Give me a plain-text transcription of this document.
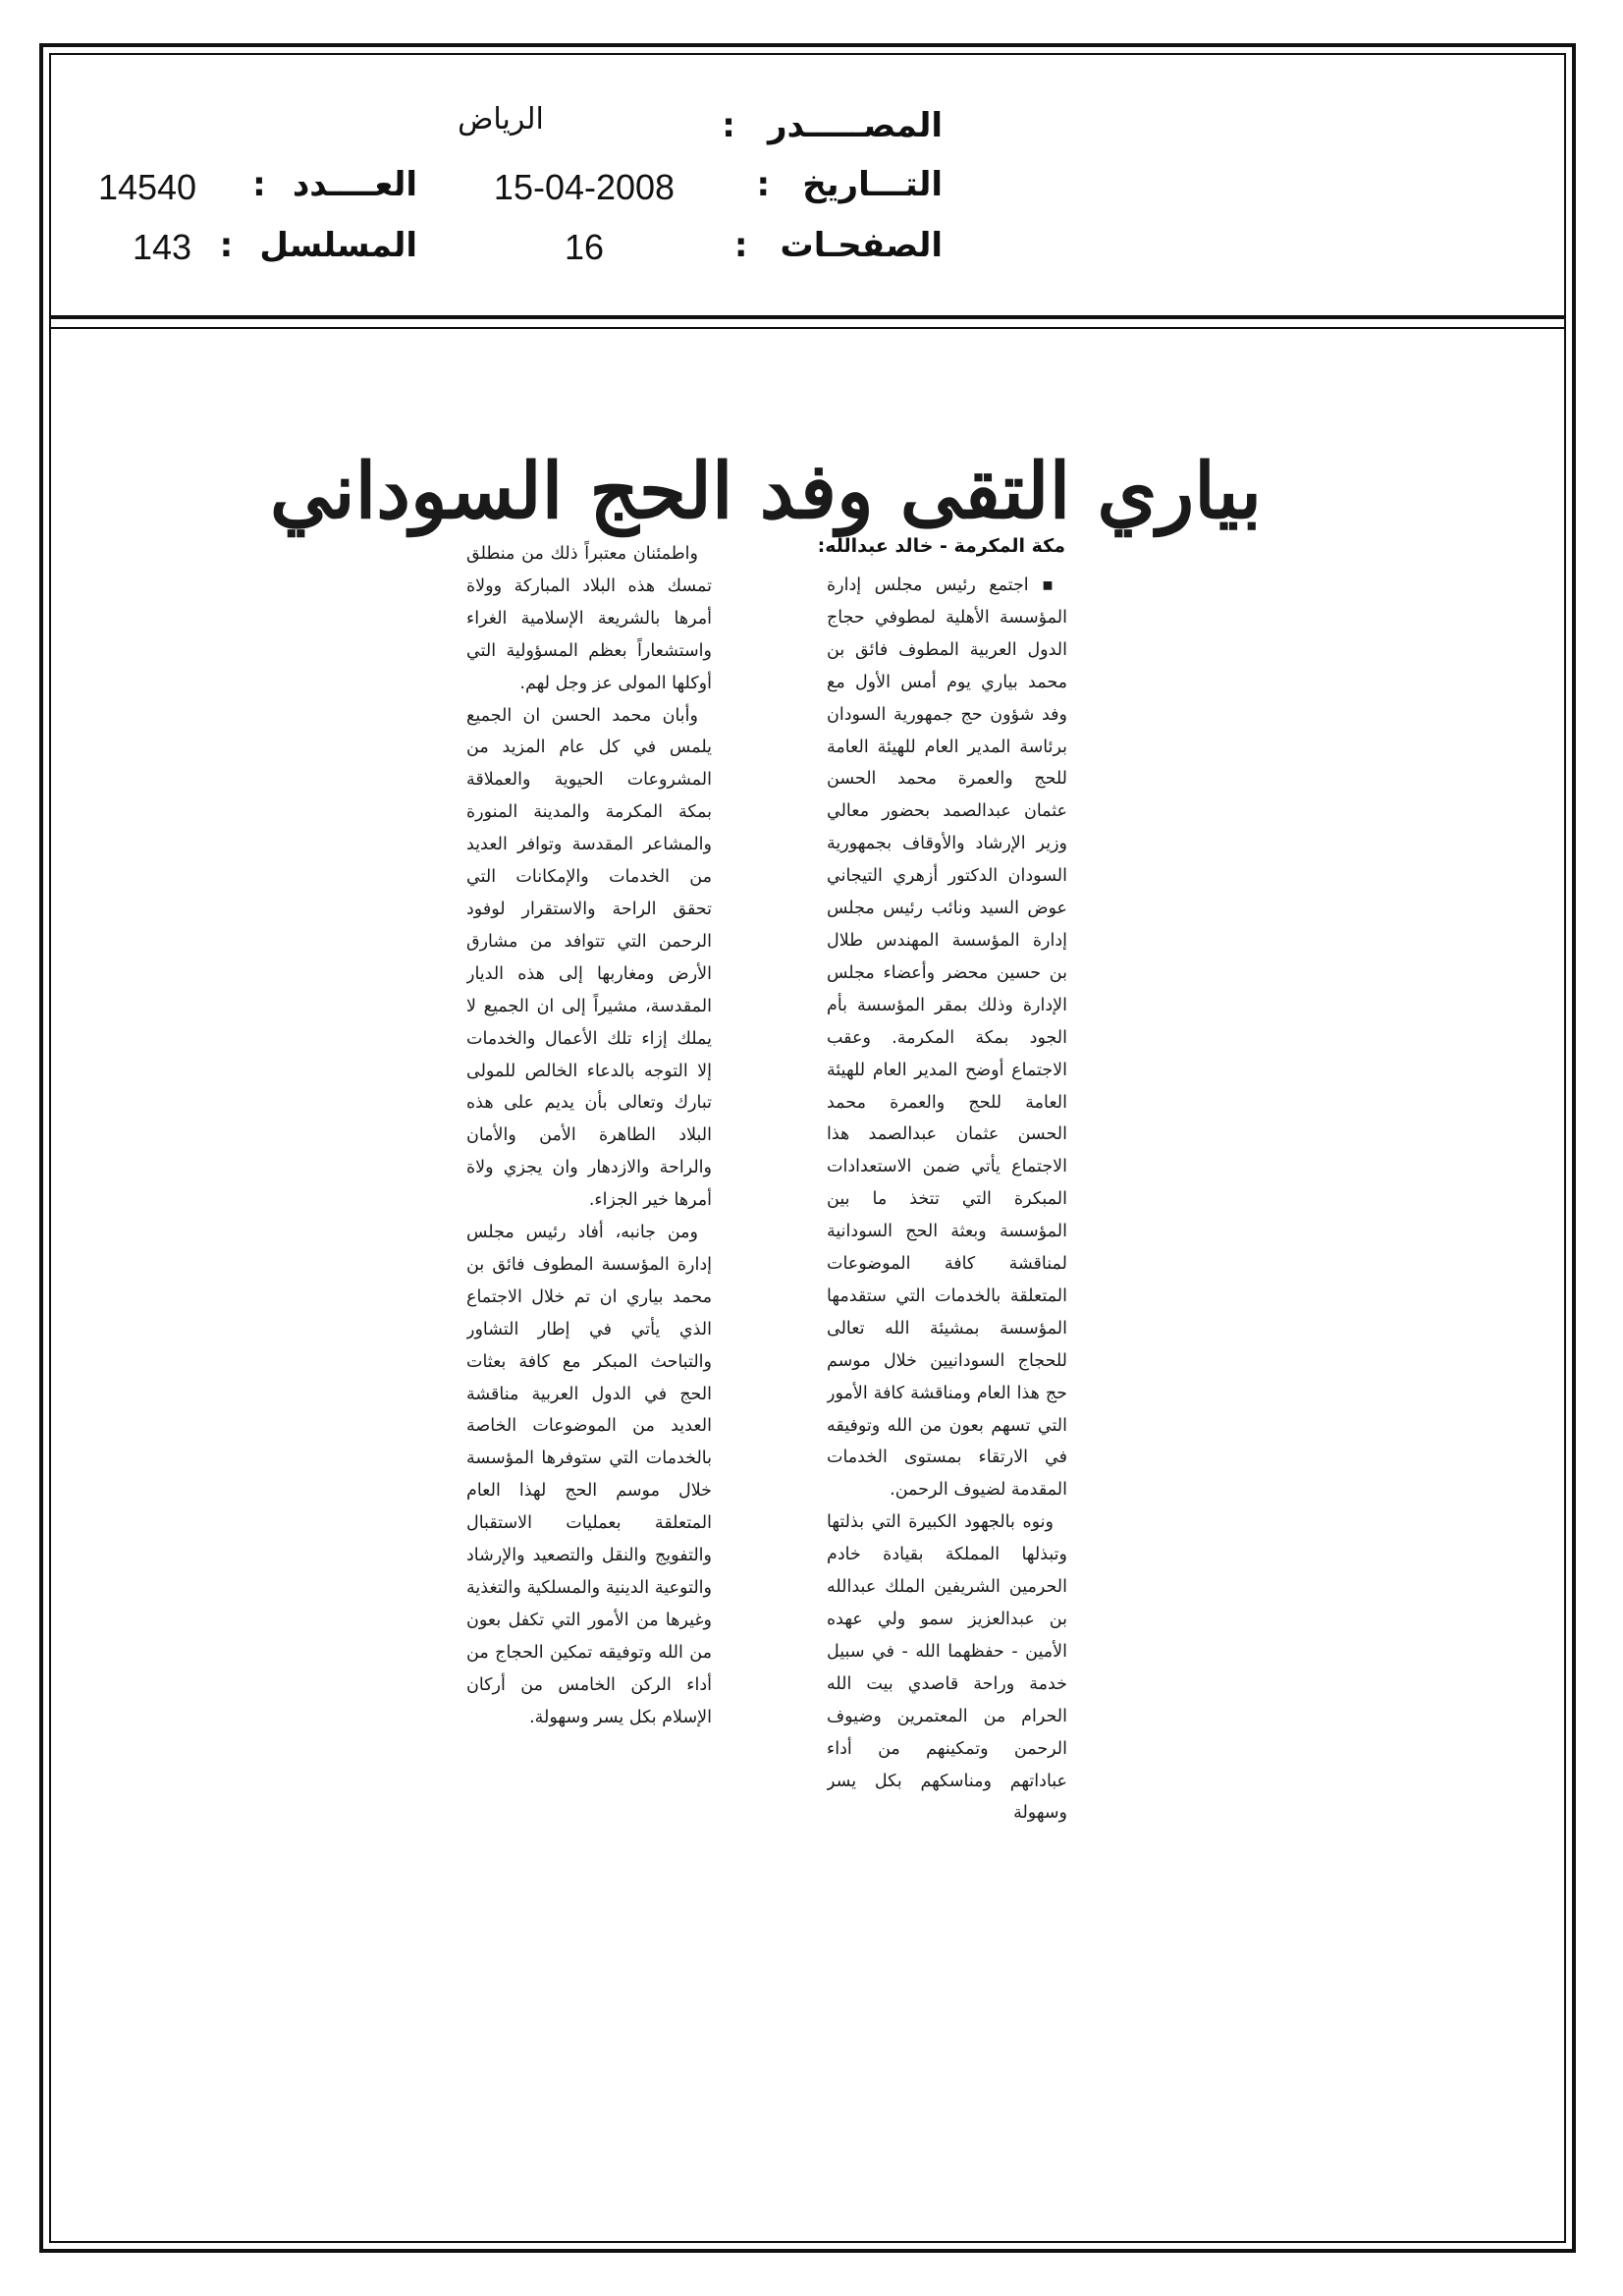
المصـــــدر :
الرياض
التـــاريخ :
15-04-2008
العــــدد :
14540
الصفحـات :
16
المسلسل :
143
بياري التقى وفد الحج السوداني
مكة المكرمة - خالد عبدالله:

▪ اجتمع رئيس مجلس إدارة المؤسسة الأهلية لمطوفي حجاج الدول العربية المطوف فائق بن محمد بياري يوم أمس الأول مع وفد شؤون حج جمهورية السودان برئاسة المدير العام للهيئة العامة للحج والعمرة محمد الحسن عثمان عبدالصمد بحضور معالي وزير الإرشاد والأوقاف بجمهورية السودان الدكتور أزهري التيجاني عوض السيد ونائب رئيس مجلس إدارة المؤسسة المهندس طلال بن حسين محضر وأعضاء مجلس الإدارة وذلك بمقر المؤسسة بأم الجود بمكة المكرمة. وعقب الاجتماع أوضح المدير العام للهيئة العامة للحج والعمرة محمد الحسن عثمان عبدالصمد هذا الاجتماع يأتي ضمن الاستعدادات المبكرة التي تتخذ ما بين المؤسسة وبعثة الحج السودانية لمناقشة كافة الموضوعات المتعلقة بالخدمات التي ستقدمها المؤسسة بمشيئة الله تعالى للحجاج السودانيين خلال موسم حج هذا العام ومناقشة كافة الأمور التي تسهم بعون من الله وتوفيقه في الارتقاء بمستوى الخدمات المقدمة لضيوف الرحمن.

ونوه بالجهود الكبيرة التي بذلتها وتبذلها المملكة بقيادة خادم الحرمين الشريفين الملك عبدالله بن عبدالعزيز سمو ولي عهده الأمين - حفظهما الله - في سبيل خدمة وراحة قاصدي بيت الله الحرام من المعتمرين وضيوف الرحمن وتمكينهم من أداء عباداتهم ومناسكهم بكل يسر وسهولة

واطمئنان معتبراً ذلك من منطلق تمسك هذه البلاد المباركة وولاة أمرها بالشريعة الإسلامية الغراء واستشعاراً بعظم المسؤولية التي أوكلها المولى عز وجل لهم.

وأبان محمد الحسن ان الجميع يلمس في كل عام المزيد من المشروعات الحيوية والعملاقة بمكة المكرمة والمدينة المنورة والمشاعر المقدسة وتوافر العديد من الخدمات والإمكانات التي تحقق الراحة والاستقرار لوفود الرحمن التي تتوافد من مشارق الأرض ومغاربها إلى هذه الديار المقدسة، مشيراً إلى ان الجميع لا يملك إزاء تلك الأعمال والخدمات إلا التوجه بالدعاء الخالص للمولى تبارك وتعالى بأن يديم على هذه البلاد الطاهرة الأمن والأمان والراحة والازدهار وان يجزي ولاة أمرها خير الجزاء.

ومن جانبه، أفاد رئيس مجلس إدارة المؤسسة المطوف فائق بن محمد بياري ان تم خلال الاجتماع الذي يأتي في إطار التشاور والتباحث المبكر مع كافة بعثات الحج في الدول العربية مناقشة العديد من الموضوعات الخاصة بالخدمات التي ستوفرها المؤسسة خلال موسم الحج لهذا العام المتعلقة بعمليات الاستقبال والتفويج والنقل والتصعيد والإرشاد والتوعية الدينية والمسلكية والتغذية وغيرها من الأمور التي تكفل بعون من الله وتوفيقه تمكين الحجاج من أداء الركن الخامس من أركان الإسلام بكل يسر وسهولة.
